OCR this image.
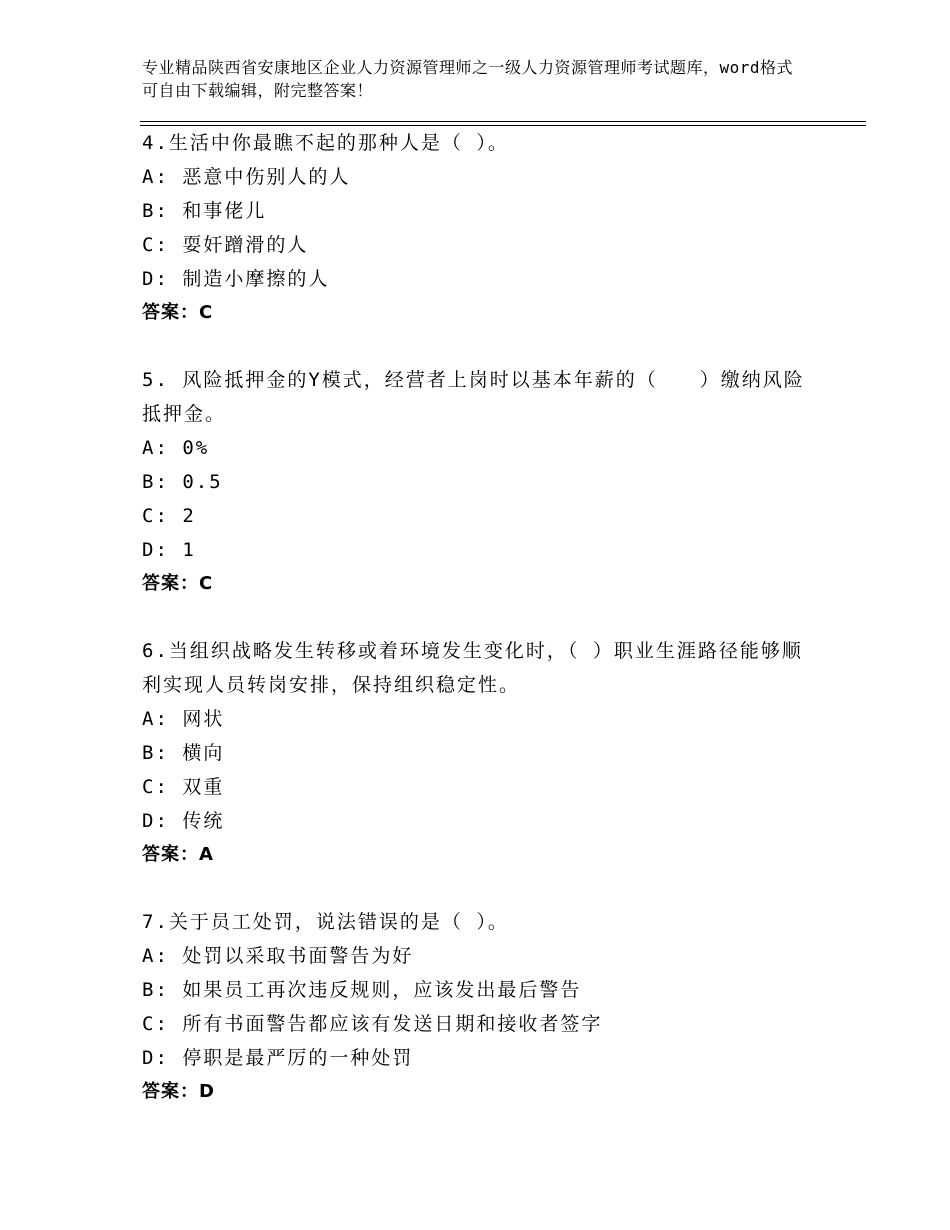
专业精品陕西省安康地区企业人力资源管理师之一级人力资源管理师考试题库，word格式可自由下载编辑，附完整答案！
4.生活中你最瞧不起的那种人是（ ）。
A: 恶意中伤别人的人
B: 和事佬儿
C: 耍奸蹭滑的人
D: 制造小摩擦的人
答案：C
5. 风险抵押金的Y模式，经营者上岗时以基本年薪的（　　）缴纳风险抵押金。
A: 0%
B: 0.5
C: 2
D: 1
答案：C
6.当组织战略发生转移或着环境发生变化时，（ ）职业生涯路径能够顺利实现人员转岗安排，保持组织稳定性。
A: 网状
B: 横向
C: 双重
D: 传统
答案：A
7.关于员工处罚，说法错误的是（ ）。
A: 处罚以采取书面警告为好
B: 如果员工再次违反规则，应该发出最后警告
C: 所有书面警告都应该有发送日期和接收者签字
D: 停职是最严厉的一种处罚
答案：D
